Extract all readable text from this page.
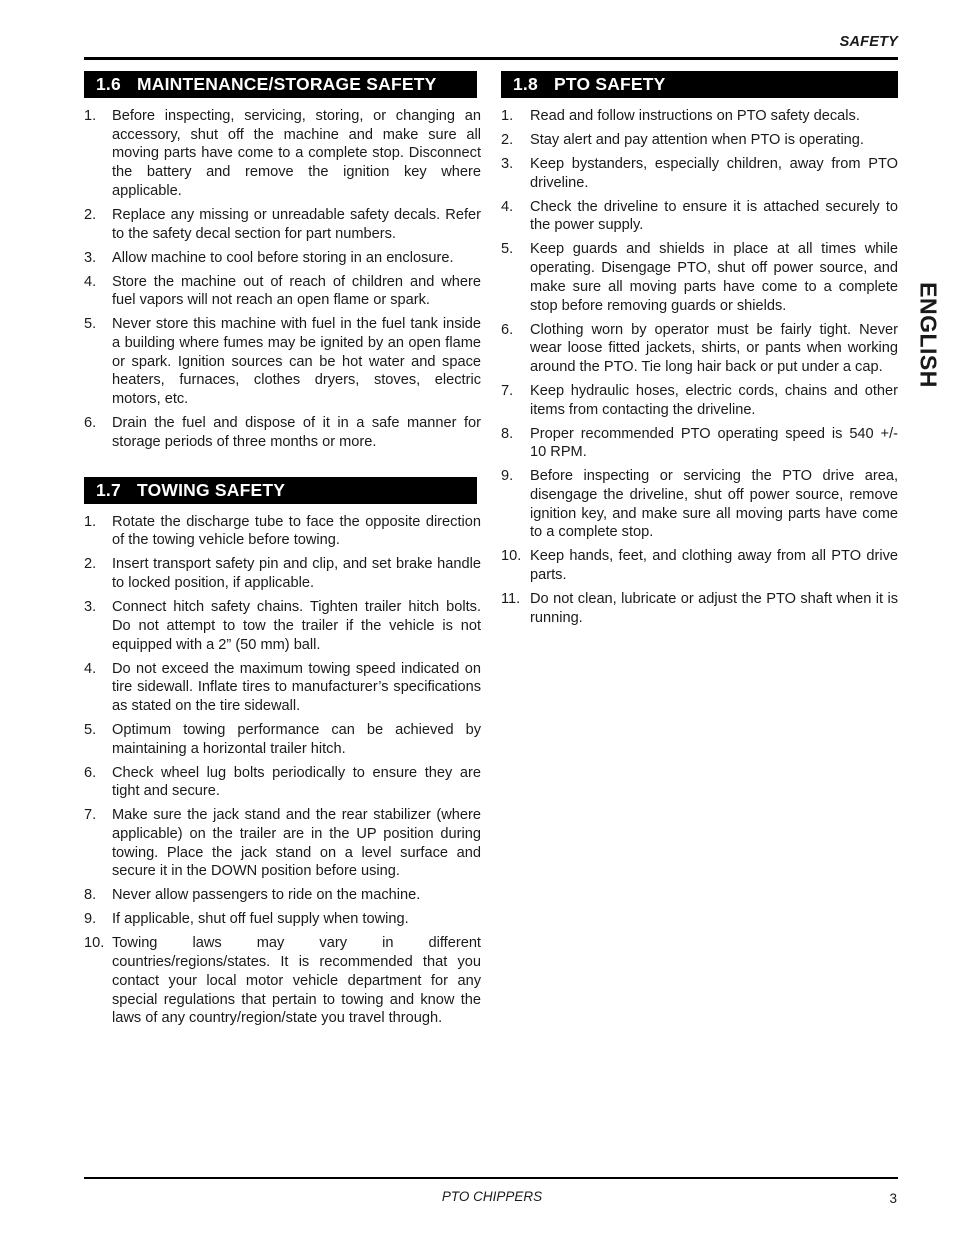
SAFETY
1.6 MAINTENANCE/STORAGE SAFETY
1. Before inspecting, servicing, storing, or changing an accessory, shut off the machine and make sure all moving parts have come to a complete stop. Disconnect the battery and remove the ignition key where applicable.
2. Replace any missing or unreadable safety decals. Refer to the safety decal section for part numbers.
3. Allow machine to cool before storing in an enclosure.
4. Store the machine out of reach of children and where fuel vapors will not reach an open flame or spark.
5. Never store this machine with fuel in the fuel tank inside a building where fumes may be ignited by an open flame or spark. Ignition sources can be hot water and space heaters, furnaces, clothes dryers, stoves, electric motors, etc.
6. Drain the fuel and dispose of it in a safe manner for storage periods of three months or more.
1.7 TOWING SAFETY
1. Rotate the discharge tube to face the opposite direction of the towing vehicle before towing.
2. Insert transport safety pin and clip, and set brake handle to locked position, if applicable.
3. Connect hitch safety chains. Tighten trailer hitch bolts. Do not attempt to tow the trailer if the vehicle is not equipped with a 2” (50 mm) ball.
4. Do not exceed the maximum towing speed indicated on tire sidewall. Inflate tires to manufacturer’s specifications as stated on the tire sidewall.
5. Optimum towing performance can be achieved by maintaining a horizontal trailer hitch.
6. Check wheel lug bolts periodically to ensure they are tight and secure.
7. Make sure the jack stand and the rear stabilizer (where applicable) on the trailer are in the UP position during towing. Place the jack stand on a level surface and secure it in the DOWN position before using.
8. Never allow passengers to ride on the machine.
9. If applicable, shut off fuel supply when towing.
10. Towing laws may vary in different countries/regions/states. It is recommended that you contact your local motor vehicle department for any special regulations that pertain to towing and know the laws of any country/region/state you travel through.
1.8 PTO SAFETY
1. Read and follow instructions on PTO safety decals.
2. Stay alert and pay attention when PTO is operating.
3. Keep bystanders, especially children, away from PTO driveline.
4. Check the driveline to ensure it is attached securely to the power supply.
5. Keep guards and shields in place at all times while operating. Disengage PTO, shut off power source, and make sure all moving parts have come to a complete stop before removing guards or shields.
6. Clothing worn by operator must be fairly tight. Never wear loose fitted jackets, shirts, or pants when working around the PTO. Tie long hair back or put under a cap.
7. Keep hydraulic hoses, electric cords, chains and other items from contacting the driveline.
8. Proper recommended PTO operating speed is 540 +/- 10 RPM.
9. Before inspecting or servicing the PTO drive area, disengage the driveline, shut off power source, remove ignition key, and make sure all moving parts have come to a complete stop.
10. Keep hands, feet, and clothing away from all PTO drive parts.
11. Do not clean, lubricate or adjust the PTO shaft when it is running.
ENGLISH
PTO CHIPPERS	3
